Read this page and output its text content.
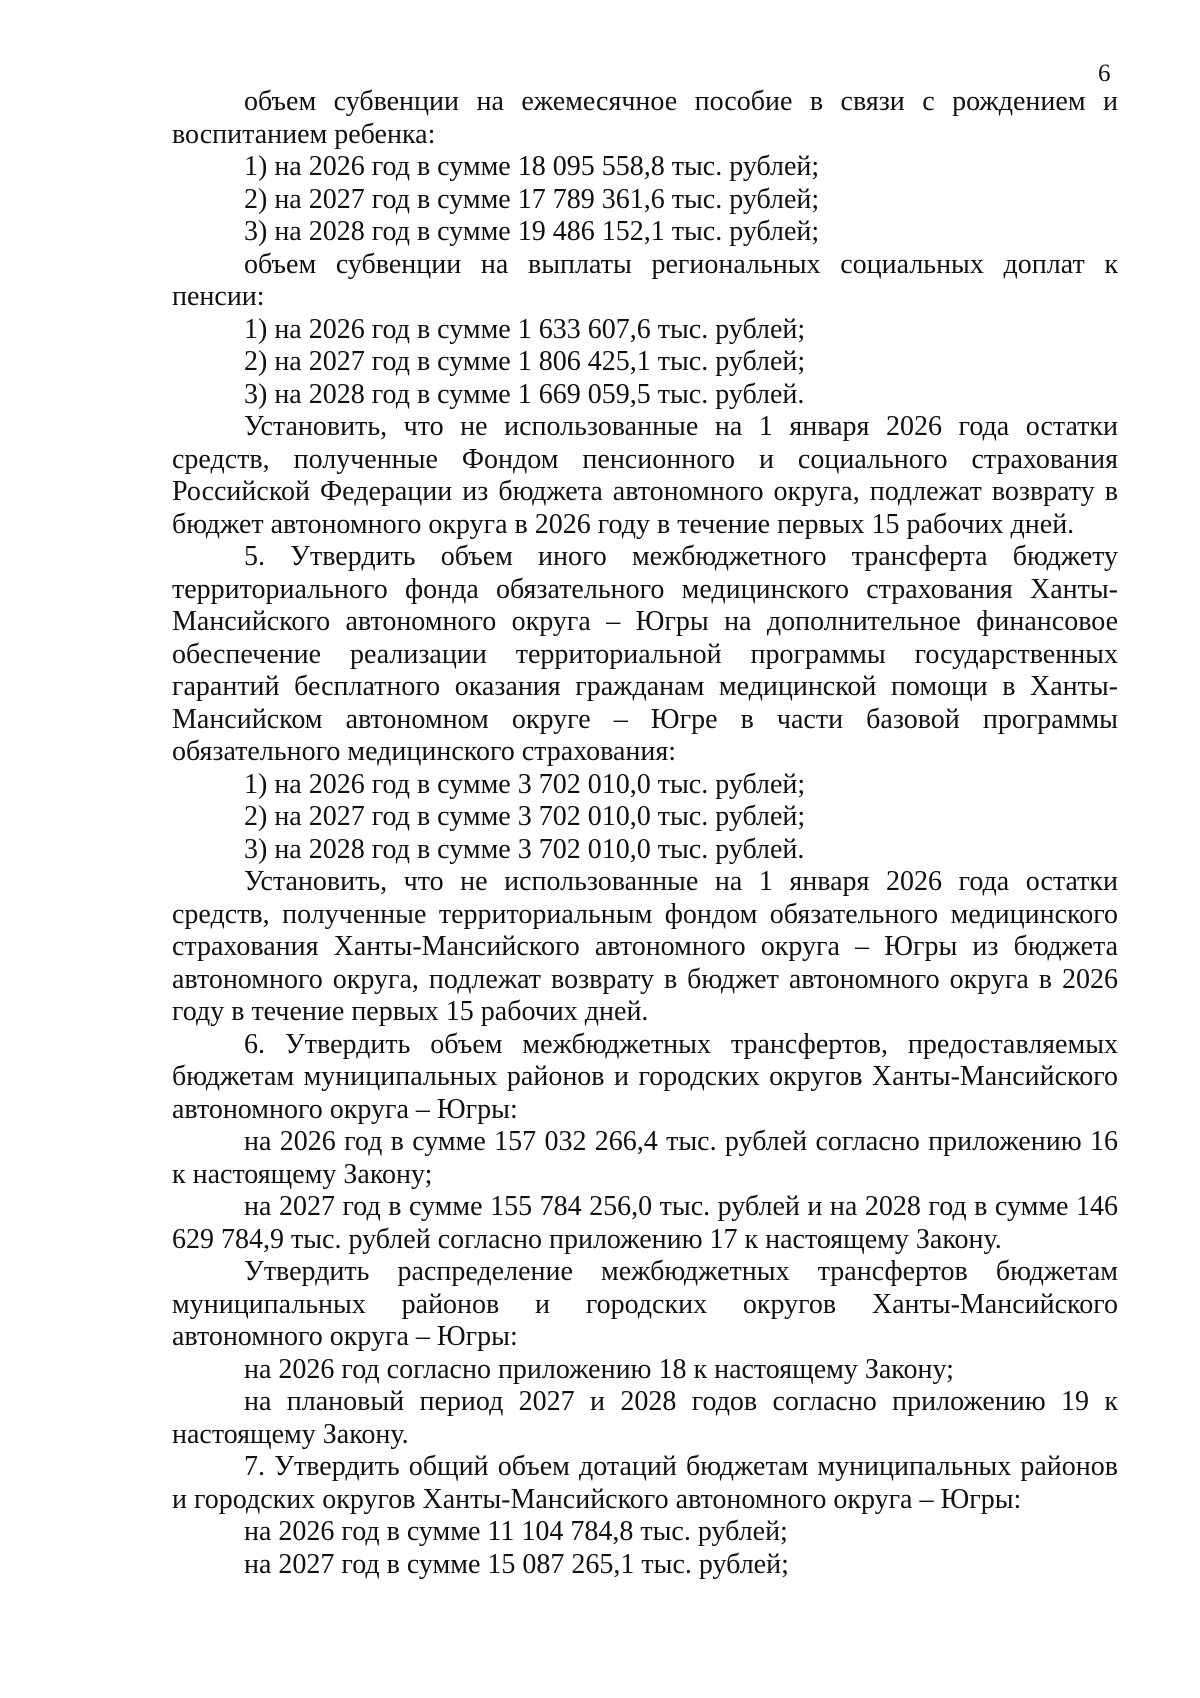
6

объем субвенции на ежемесячное пособие в связи с рождением и воспитанием ребенка:

1) на 2026 год в сумме 18 095 558,8 тыс. рублей;

2) на 2027 год в сумме 17 789 361,6 тыс. рублей;

3) на 2028 год в сумме 19 486 152,1 тыс. рублей;

объем субвенции на выплаты региональных социальных доплат к пенсии:

1) на 2026 год в сумме 1 633 607,6 тыс. рублей;

2) на 2027 год в сумме 1 806 425,1 тыс. рублей;

3) на 2028 год в сумме 1 669 059,5 тыс. рублей.

Установить, что не использованные на 1 января 2026 года остатки средств, полученные Фондом пенсионного и социального страхования Российской Федерации из бюджета автономного округа, подлежат возврату в бюджет автономного округа в 2026 году в течение первых 15 рабочих дней.

5. Утвердить объем иного межбюджетного трансферта бюджету территориального фонда обязательного медицинского страхования Ханты-Мансийского автономного округа – Югры на дополнительное финансовое обеспечение реализации территориальной программы государственных гарантий бесплатного оказания гражданам медицинской помощи в Ханты-Мансийском автономном округе – Югре в части базовой программы обязательного медицинского страхования:

1) на 2026 год в сумме 3 702 010,0 тыс. рублей;

2) на 2027 год в сумме 3 702 010,0 тыс. рублей;

3) на 2028 год в сумме 3 702 010,0 тыс. рублей.

Установить, что не использованные на 1 января 2026 года остатки средств, полученные территориальным фондом обязательного медицинского страхования Ханты-Мансийского автономного округа – Югры из бюджета автономного округа, подлежат возврату в бюджет автономного округа в 2026 году в течение первых 15 рабочих дней.

6. Утвердить объем межбюджетных трансфертов, предоставляемых бюджетам муниципальных районов и городских округов Ханты-Мансийского автономного округа – Югры:

на 2026 год в сумме 157 032 266,4 тыс. рублей согласно приложению 16 к настоящему Закону;

на 2027 год в сумме 155 784 256,0 тыс. рублей и на 2028 год в сумме 146 629 784,9 тыс. рублей согласно приложению 17 к настоящему Закону.

Утвердить распределение межбюджетных трансфертов бюджетам муниципальных районов и городских округов Ханты-Мансийского автономного округа – Югры:

на 2026 год согласно приложению 18 к настоящему Закону;

на плановый период 2027 и 2028 годов согласно приложению 19 к настоящему Закону.

7. Утвердить общий объем дотаций бюджетам муниципальных районов и городских округов Ханты-Мансийского автономного округа – Югры:

на 2026 год в сумме 11 104 784,8 тыс. рублей;

на 2027 год в сумме 15 087 265,1 тыс. рублей;
